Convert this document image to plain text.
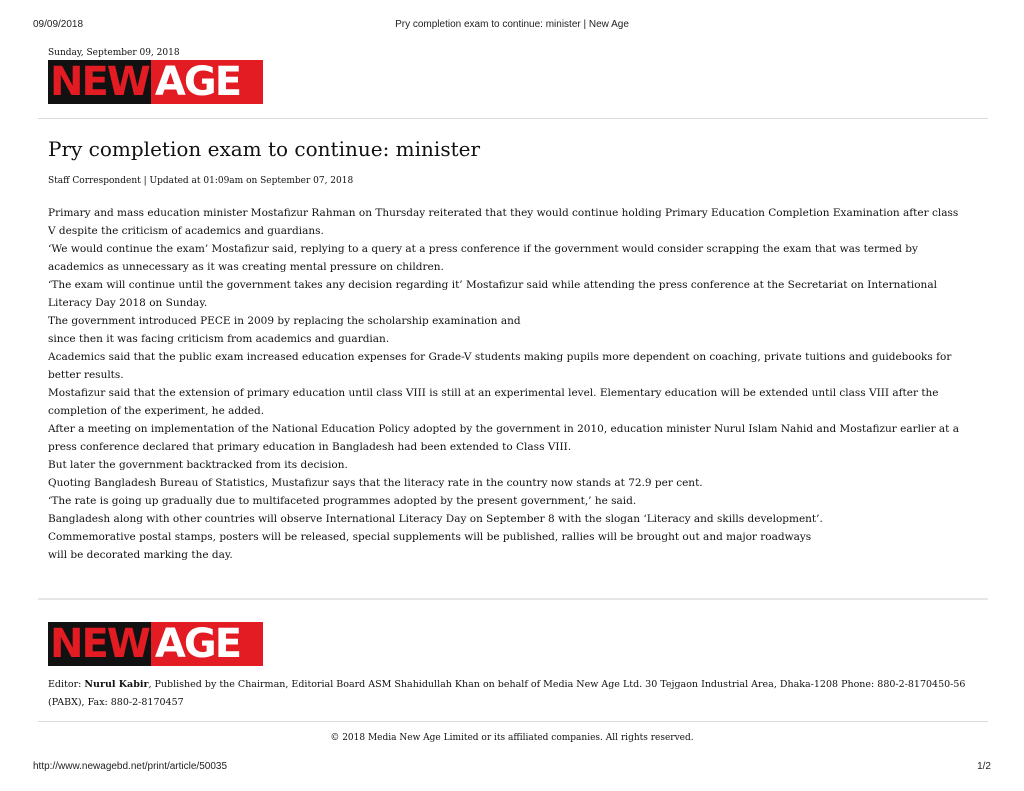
09/09/2018	Pry completion exam to continue: minister | New Age
Sunday, September 09, 2018
NEW AGE
Pry completion exam to continue: minister
Staff Correspondent | Updated at 01:09am on September 07, 2018

Primary and mass education minister Mostafizur Rahman on Thursday reiterated that they would continue holding Primary Education Completion Examination after class V despite the criticism of academics and guardians.

‘We would continue the exam’ Mostafizur said, replying to a query at a press conference if the government would consider scrapping the exam that was termed by academics as unnecessary as it was creating mental pressure on children.

‘The exam will continue until the government takes any decision regarding it’ Mostafizur said while attending the press conference at the Secretariat on International Literacy Day 2018 on Sunday.

The government introduced PECE in 2009 by replacing the scholarship examination and

since then it was facing criticism from academics and guardian.

Academics said that the public exam increased education expenses for Grade-V students making pupils more dependent on coaching, private tuitions and guidebooks for better results.

Mostafizur said that the extension of primary education until class VIII is still at an experimental level. Elementary education will be extended until class VIII after the completion of the experiment, he added.

After a meeting on implementation of the National Education Policy adopted by the government in 2010, education minister Nurul Islam Nahid and Mostafizur earlier at a press conference declared that primary education in Bangladesh had been extended to Class VIII.

But later the government backtracked from its decision.

Quoting Bangladesh Bureau of Statistics, Mustafizur says that the literacy rate in the country now stands at 72.9 per cent.

‘The rate is going up gradually due to multifaceted programmes adopted by the present government,’ he said.

Bangladesh along with other countries will observe International Literacy Day on September 8 with the slogan ‘Literacy and skills development’.

Commemorative postal stamps, posters will be released, special supplements will be published, rallies will be brought out and major roadways

will be decorated marking the day.

NEW AGE
Editor: Nurul Kabir, Published by the Chairman, Editorial Board ASM Shahidullah Khan on behalf of Media New Age Ltd. 30 Tejgaon Industrial Area, Dhaka-1208 Phone: 880-2-8170450-56 (PABX), Fax: 880-2-8170457
© 2018 Media New Age Limited or its affiliated companies. All rights reserved.
http://www.newagebd.net/print/article/50035	1/2
